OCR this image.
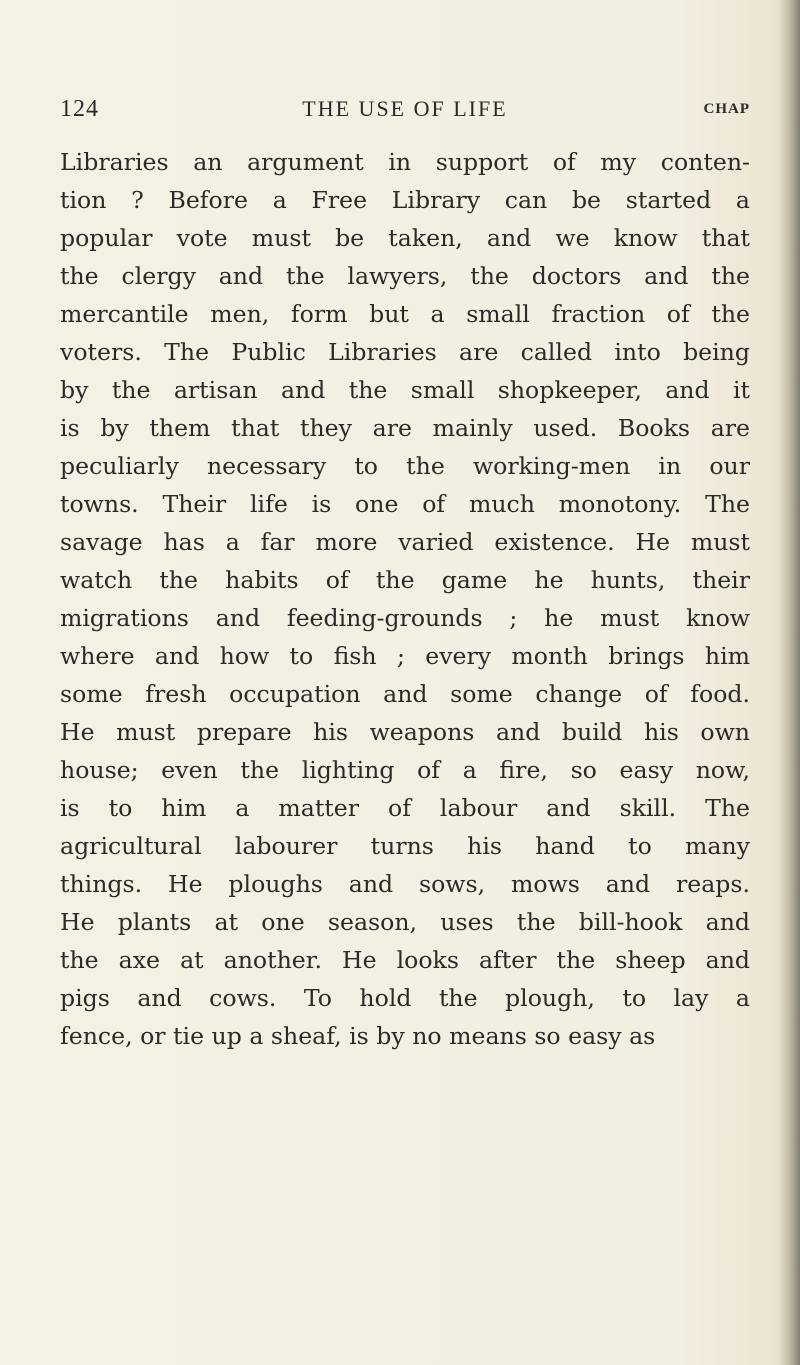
124	THE USE OF LIFE	CHAP
Libraries an argument in support of my conten-
tion ? Before a Free Library can be started a
popular vote must be taken, and we know that
the clergy and the lawyers, the doctors and the
mercantile men, form but a small fraction of the
voters. The Public Libraries are called into being
by the artisan and the small shopkeeper, and it
is by them that they are mainly used. Books are
peculiarly necessary to the working-men in our
towns. Their life is one of much monotony. The
savage has a far more varied existence. He must
watch the habits of the game he hunts, their
migrations and feeding-grounds ; he must know
where and how to fish ; every month brings him
some fresh occupation and some change of food.
He must prepare his weapons and build his own
house; even the lighting of a fire, so easy now,
is to him a matter of labour and skill. The
agricultural labourer turns his hand to many
things. He ploughs and sows, mows and reaps.
He plants at one season, uses the bill-hook and
the axe at another. He looks after the sheep and
pigs and cows. To hold the plough, to lay a
fence, or tie up a sheaf, is by no means so easy as
